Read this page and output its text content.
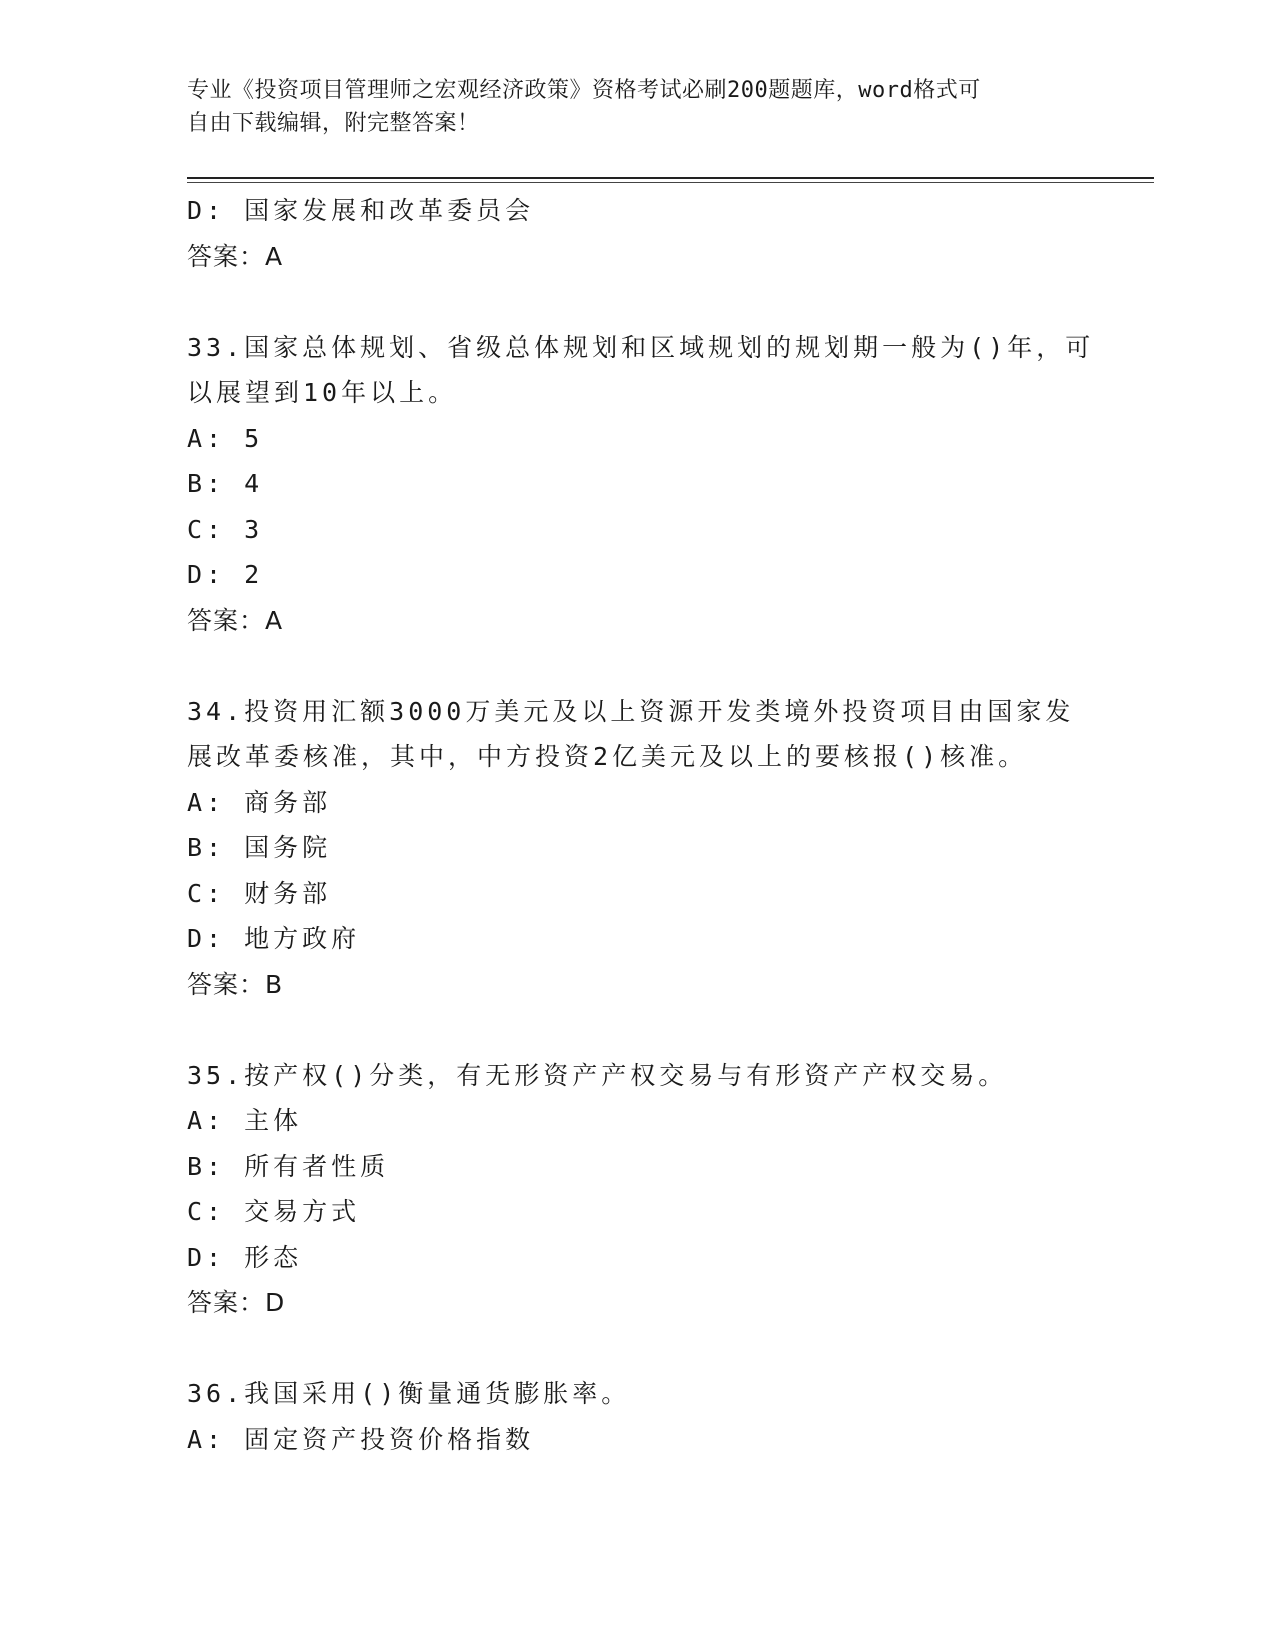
专业《投资项目管理师之宏观经济政策》资格考试必刷200题题库，word格式可
自由下载编辑，附完整答案！
D: 国家发展和改革委员会
答案：A
33.国家总体规划、省级总体规划和区域规划的规划期一般为()年，可
以展望到10年以上。
A: 5
B: 4
C: 3
D: 2
答案：A
34.投资用汇额3000万美元及以上资源开发类境外投资项目由国家发
展改革委核准，其中，中方投资2亿美元及以上的要核报()核准。
A: 商务部
B: 国务院
C: 财务部
D: 地方政府
答案：B
35.按产权()分类，有无形资产产权交易与有形资产产权交易。
A: 主体
B: 所有者性质
C: 交易方式
D: 形态
答案：D
36.我国采用()衡量通货膨胀率。
A: 固定资产投资价格指数
